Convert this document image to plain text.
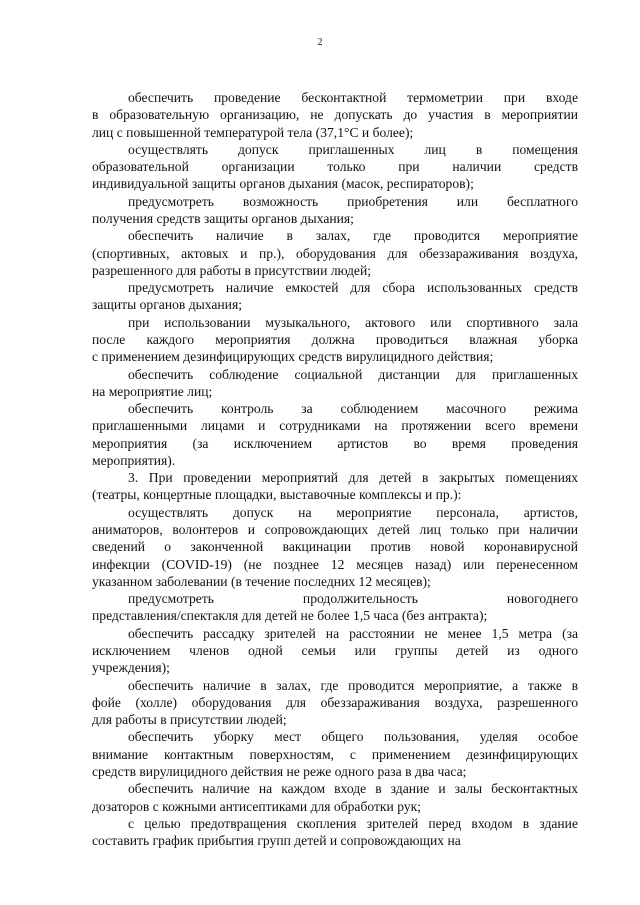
2

обеспечить проведение бесконтактной термометрии при входе
в образовательную организацию, не допускать до участия в мероприятии
лиц с повышенной температурой тела (37,1°С и более);

осуществлять допуск приглашенных лиц в помещения
образовательной организации только при наличии средств
индивидуальной защиты органов дыхания (масок, респираторов);

предусмотреть возможность приобретения или бесплатного
получения средств защиты органов дыхания;

обеспечить наличие в залах, где проводится мероприятие
(спортивных, актовых и пр.), оборудования для обеззараживания воздуха,
разрешенного для работы в присутствии людей;

предусмотреть наличие емкостей для сбора использованных средств
защиты органов дыхания;

при использовании музыкального, актового или спортивного зала
после каждого мероприятия должна проводиться влажная уборка
с применением дезинфицирующих средств вирулицидного действия;

обеспечить соблюдение социальной дистанции для приглашенных
на мероприятие лиц;

обеспечить контроль за соблюдением масочного режима
приглашенными лицами и сотрудниками на протяжении всего времени
мероприятия (за исключением артистов во время проведения
мероприятия).

3. При проведении мероприятий для детей в закрытых помещениях
(театры, концертные площадки, выставочные комплексы и пр.):

осуществлять допуск на мероприятие персонала, артистов,
аниматоров, волонтеров и сопровождающих детей лиц только при наличии
сведений о законченной вакцинации против новой коронавирусной
инфекции (COVID-19) (не позднее 12 месяцев назад) или перенесенном
указанном заболевании (в течение последних 12 месяцев);

предусмотреть продолжительность новогоднего
представления/спектакля для детей не более 1,5 часа (без антракта);

обеспечить рассадку зрителей на расстоянии не менее 1,5 метра (за
исключением членов одной семьи или группы детей из одного
учреждения);

обеспечить наличие в залах, где проводится мероприятие, а также в
фойе (холле) оборудования для обеззараживания воздуха, разрешенного
для работы в присутствии людей;

обеспечить уборку мест общего пользования, уделяя особое
внимание контактным поверхностям, с применением дезинфицирующих
средств вирулицидного действия не реже одного раза в два часа;

обеспечить наличие на каждом входе в здание и залы бесконтактных
дозаторов с кожными антисептиками для обработки рук;

с целью предотвращения скопления зрителей перед входом в здание
составить график прибытия групп детей и сопровождающих на
